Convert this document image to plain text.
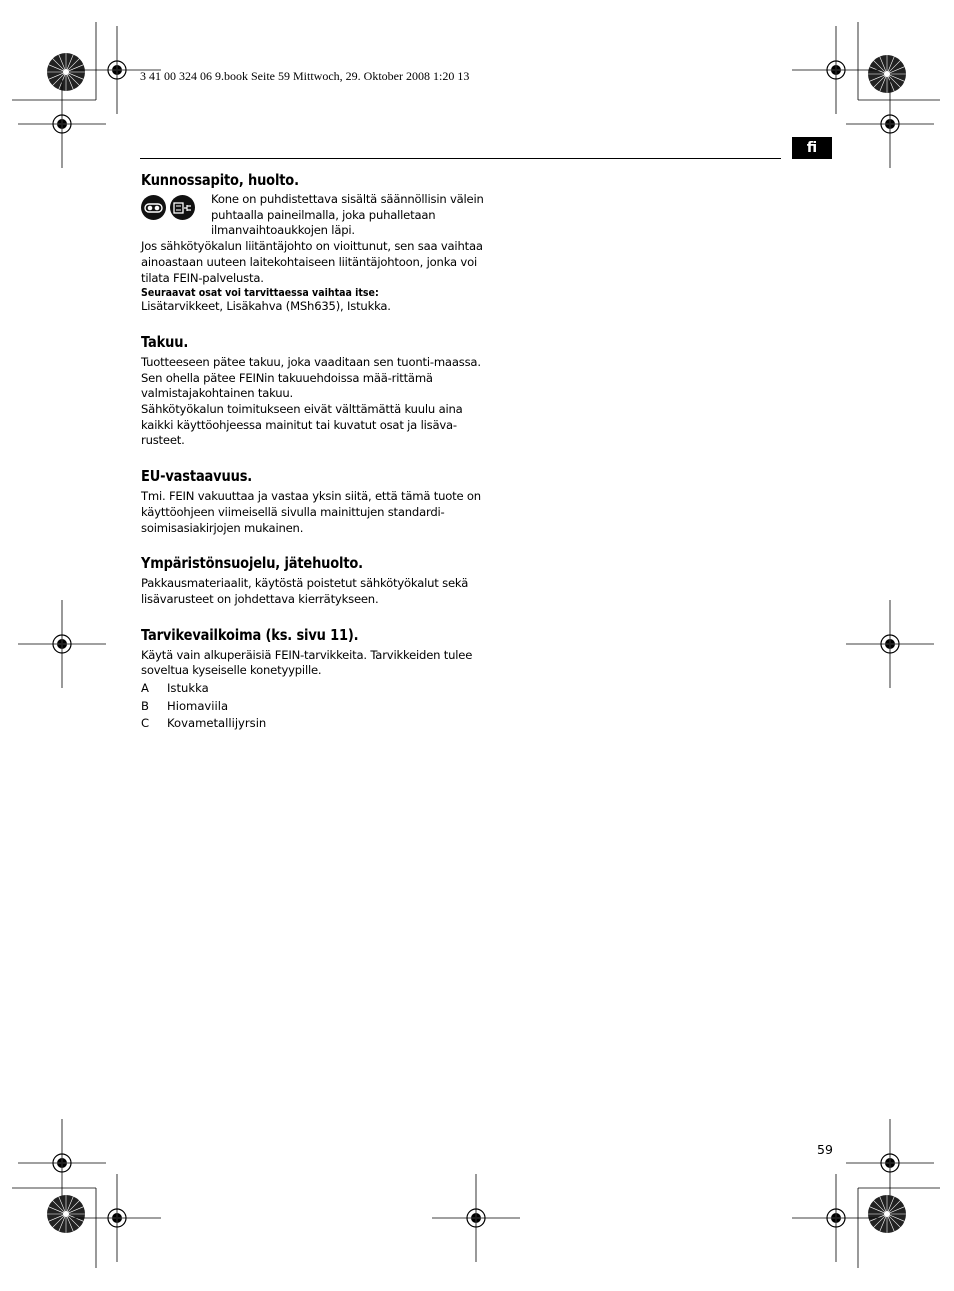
3 41 00 324 06 9.book Seite 59 Mittwoch, 29. Oktober 2008 1:20 13
fi
Kunnossapito, huolto.

Kone on puhdistettava sisältä säännöllisin välein puhtaalla paineilmalla, joka puhalletaan ilmanvaihtoaukkojen läpi.

Jos sähkötyökalun liitäntäjohto on vioittunut, sen saa vaihtaa ainoastaan uuteen laitekohtaiseen liitäntäjohtoon, jonka voi tilata FEIN-palvelusta.

Seuraavat osat voi tarvittaessa vaihtaa itse:

Lisätarvikkeet, Lisäkahva (MSh635), Istukka.

Takuu.

Tuotteeseen pätee takuu, joka vaaditaan sen tuonti-maassa. Sen ohella pätee FEINin takuuehdoissa mää-rittämä valmistajakohtainen takuu.

Sähkötyökalun toimitukseen eivät välttämättä kuulu aina kaikki käyttöohjeessa mainitut tai kuvatut osat ja lisäva-rusteet.

EU-vastaavuus.

Tmi. FEIN vakuuttaa ja vastaa yksin siitä, että tämä tuote on käyttöohjeen viimeisellä sivulla mainittujen standardi-soimisasiakirjojen mukainen.

Ympäristönsuojelu, jätehuolto.

Pakkausmateriaalit, käytöstä poistetut sähkötyökalut sekä lisävarusteet on johdettava kierrätykseen.

Tarvikevailkoima (ks. sivu 11).

Käytä vain alkuperäisiä FEIN-tarvikkeita. Tarvikkeiden tulee soveltua kyseiselle konetyypille.

A	Istukka
B	Hiomaviila
C	Kovametallijyrsin
59
